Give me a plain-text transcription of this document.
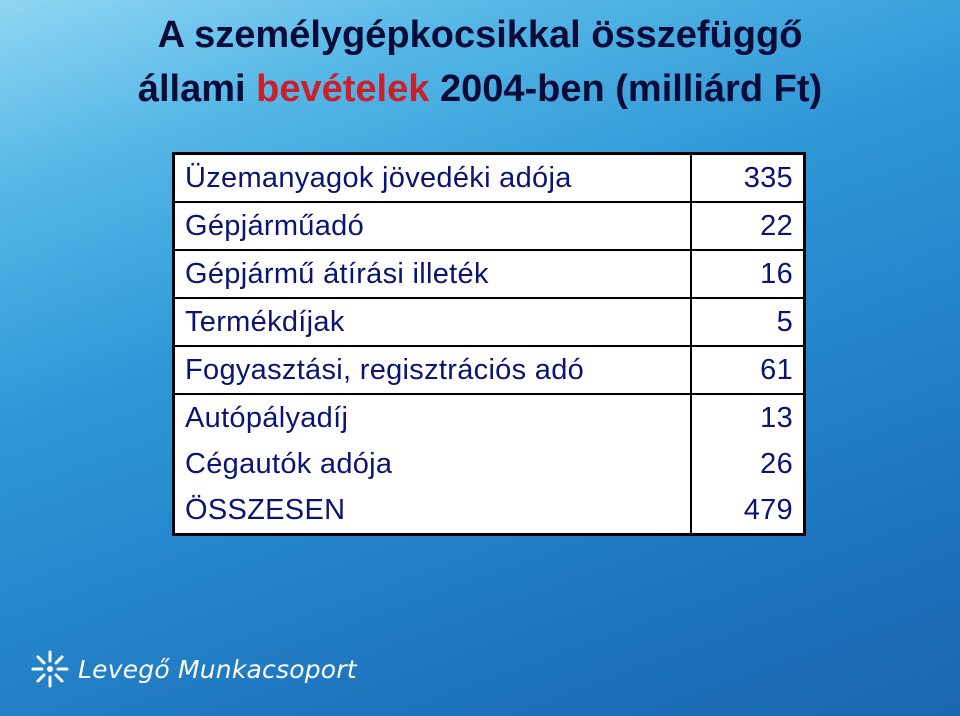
A személygépkocsikkal összefüggő
állami bevételek 2004-ben (milliárd Ft)
Üzemanyagok jövedéki adója	335
Gépjárműadó	22
Gépjármű átírási illeték	16
Termékdíjak	5
Fogyasztási, regisztrációs adó	61
Autópályadíj	13
Cégautók adója	26
ÖSSZESEN	479
Levegő Munkacsoport
